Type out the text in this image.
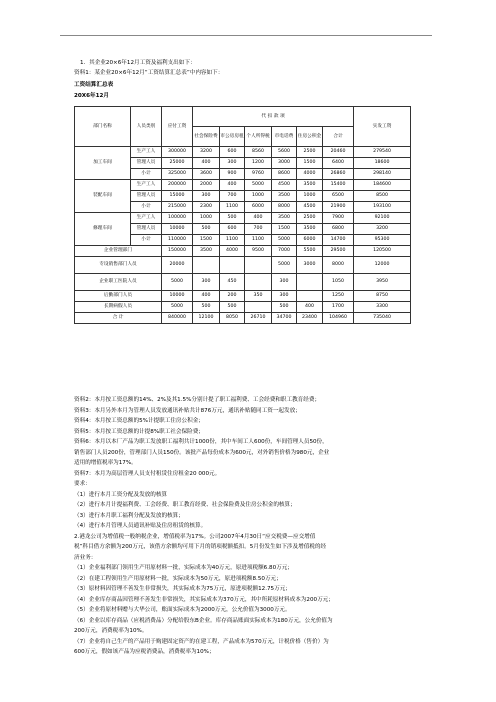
1．其企业20×6年12月工资及福利支出如下：
资料1：某企业20×6年12月“工资结算汇总表”中内容如下：
工资结算汇总表
20X6年12月
部门名称	人员类别	应付工资	代 扣 款 项						实发工资
			社会保险费	市公房房租	个人所得税	市电话费	住房公积金	合计	
加工车间	生产工人	300000	3200	600	8560	5600	2500	20460	279540
	管理人员	25000	400	300	1200	3000	1500	6400	18600
	小计	325000	3600	900	9760	8600	4000	26860	298140
装配车间	生产工人	200000	2000	400	5000	4500	3500	15400	184600
	管理人员	15000	300	700	1000	3500	1000	6500	8500
	小计	215000	2300	1100	6000	8000	4500	21900	193100
修理车间	生产工人	100000	1000	500	400	3500	2500	7900	92100
	管理人员	10000	500	600	700	1500	3500	6800	3200
	小计	110000	1500	1100	1100	5000	6000	14700	95300
企业管理部门		150000	3500	4000	9500	7000	5500	29500	120500
专设销售部门人员		20000				5000	3000	8000	12000
企业职工医院人员		5000	300	450		300		1050	3950
后勤部门人员		10000	400	200	350	300		1250	8750
长期病假人员		5000	500	500		500	400	1700	3300
合 计		840000	12100	8050	26710	34700	23400	104960	735040
资料2：本月按工资总额的14%、2%及其1.5%分别计提了职工福利费、工会经费和职工教育经费；
资料3：本月另外本月为管理人员发放通讯补贴共计876万元，通讯补贴随同工资一起发放；
资料4：本月按工资总额的5%计提职工住房公积金；
资料5：本月按工资总额的计提8%职工社会保险费；
资料6：本月以本厂产品为职工发放职工福利共计1000份，其中车间工人600份，车间管理人员50份，
销售部门人员200份，管理部门人员150份。该批产品每份成本为600元，对外销售价格为980元，企业
适用的增值税率为17%。
资料7：本月为高层管理人员支付租赁住房租金20 000元。
要求：
（1）进行本月工资分配及发放的核算
（2）进行本月计提福利费、工会经费、职工教育经费、社会保险费及住房公积金的核算；
（3）进行本月职工福利分配及发放的核算；
（4）进行本月管理人员通讯补贴及住房租赁的核算。
2.港龙公司为增值税一般纳税企业，增值税率为17%。公司2007年4月30日“应交税费—应交增值
税”科目借方余额为200万元，该借方余额均可用下月的销项税额抵扣。5月份发生如下涉及增值税的经
济业务：
（1）企业福利部门领用生产用原材料一批，实际成本为40万元，原进项税额6.80万元；
（2）在建工程领用生产用原材料一批，实际成本为50万元，原进项税额8.50万元；
（3）原材料因管理不善发生非常损失，其实际成本为75万元，原进项税额12.75万元；
（4）企业库存商品因管理不善发生非常损失，其实际成本为370万元，其中所耗原材料成本为200万元；
（5）企业将原材料赠与大华公司，账面实际成本为2000万元，公允价值为3000万元。
（6）企业以库存商品（应税消费品）分配给股东B企业。库存商品账面实际成本为180万元，公允价值为
200万元，消费税率为10%。
（7）企业将自己生产的产品用于购建固定资产的在建工程，产品成本为570万元，计税价格（售价）为
600万元，假如该产品为应税消费品，消费税率为10%；
